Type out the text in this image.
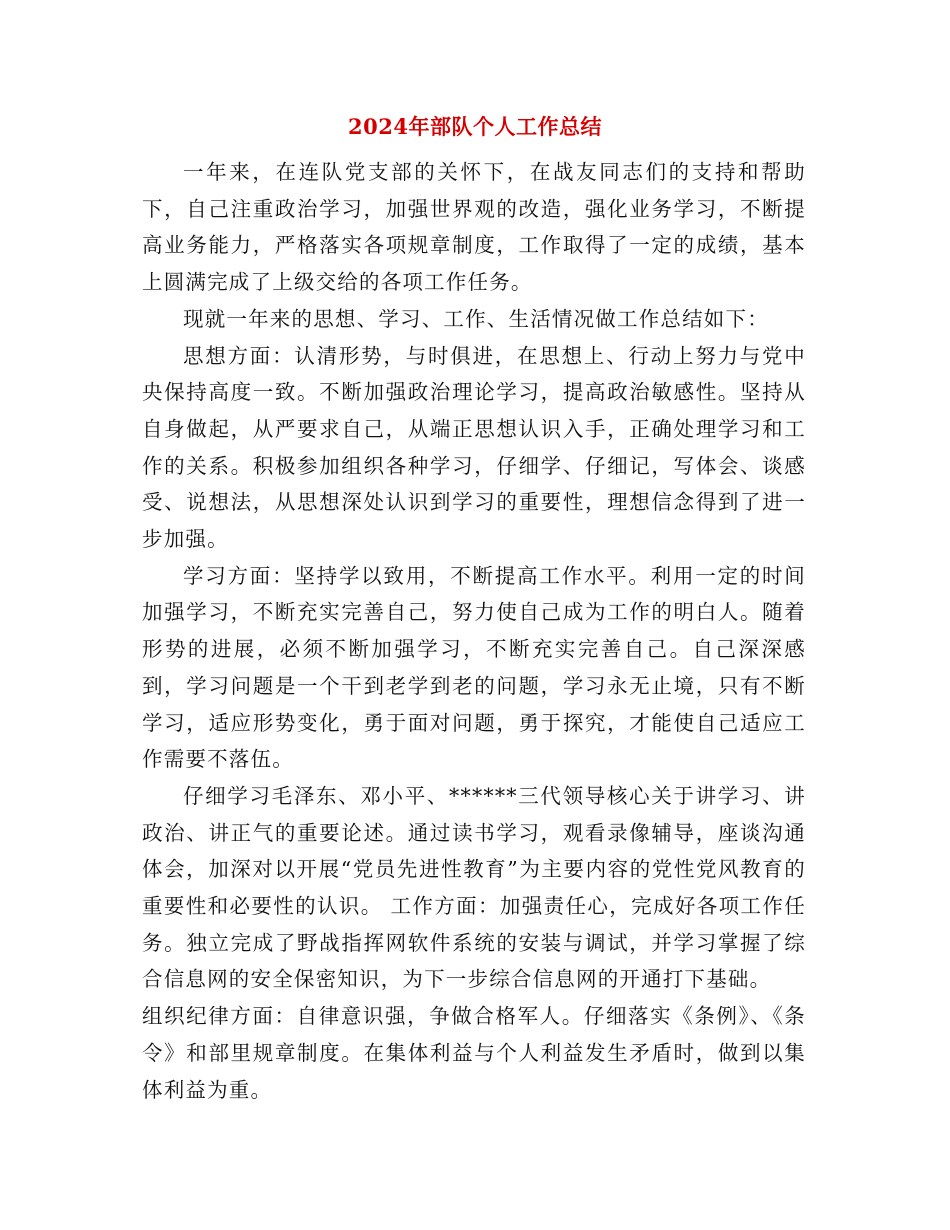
2024年部队个人工作总结

一年来，在连队党支部的关怀下，在战友同志们的支持和帮助下，自己注重政治学习，加强世界观的改造，强化业务学习，不断提高业务能力，严格落实各项规章制度，工作取得了一定的成绩，基本上圆满完成了上级交给的各项工作任务。

现就一年来的思想、学习、工作、生活情况做工作总结如下：

思想方面：认清形势，与时俱进，在思想上、行动上努力与党中央保持高度一致。不断加强政治理论学习，提高政治敏感性。坚持从自身做起，从严要求自己，从端正思想认识入手，正确处理学习和工作的关系。积极参加组织各种学习，仔细学、仔细记，写体会、谈感受、说想法，从思想深处认识到学习的重要性，理想信念得到了进一步加强。

学习方面：坚持学以致用，不断提高工作水平。利用一定的时间加强学习，不断充实完善自己，努力使自己成为工作的明白人。随着形势的进展，必须不断加强学习，不断充实完善自己。自己深深感到，学习问题是一个干到老学到老的问题，学习永无止境，只有不断学习，适应形势变化，勇于面对问题，勇于探究，才能使自己适应工作需要不落伍。

仔细学习毛泽东、邓小平、******三代领导核心关于讲学习、讲政治、讲正气的重要论述。通过读书学习，观看录像辅导，座谈沟通体会，加深对以开展“党员先进性教育”为主要内容的党性党风教育的重要性和必要性的认识。 工作方面：加强责任心，完成好各项工作任务。独立完成了野战指挥网软件系统的安装与调试，并学习掌握了综合信息网的安全保密知识，为下一步综合信息网的开通打下基础。

组织纪律方面：自律意识强，争做合格军人。仔细落实《条例》、《条令》和部里规章制度。在集体利益与个人利益发生矛盾时，做到以集体利益为重。
